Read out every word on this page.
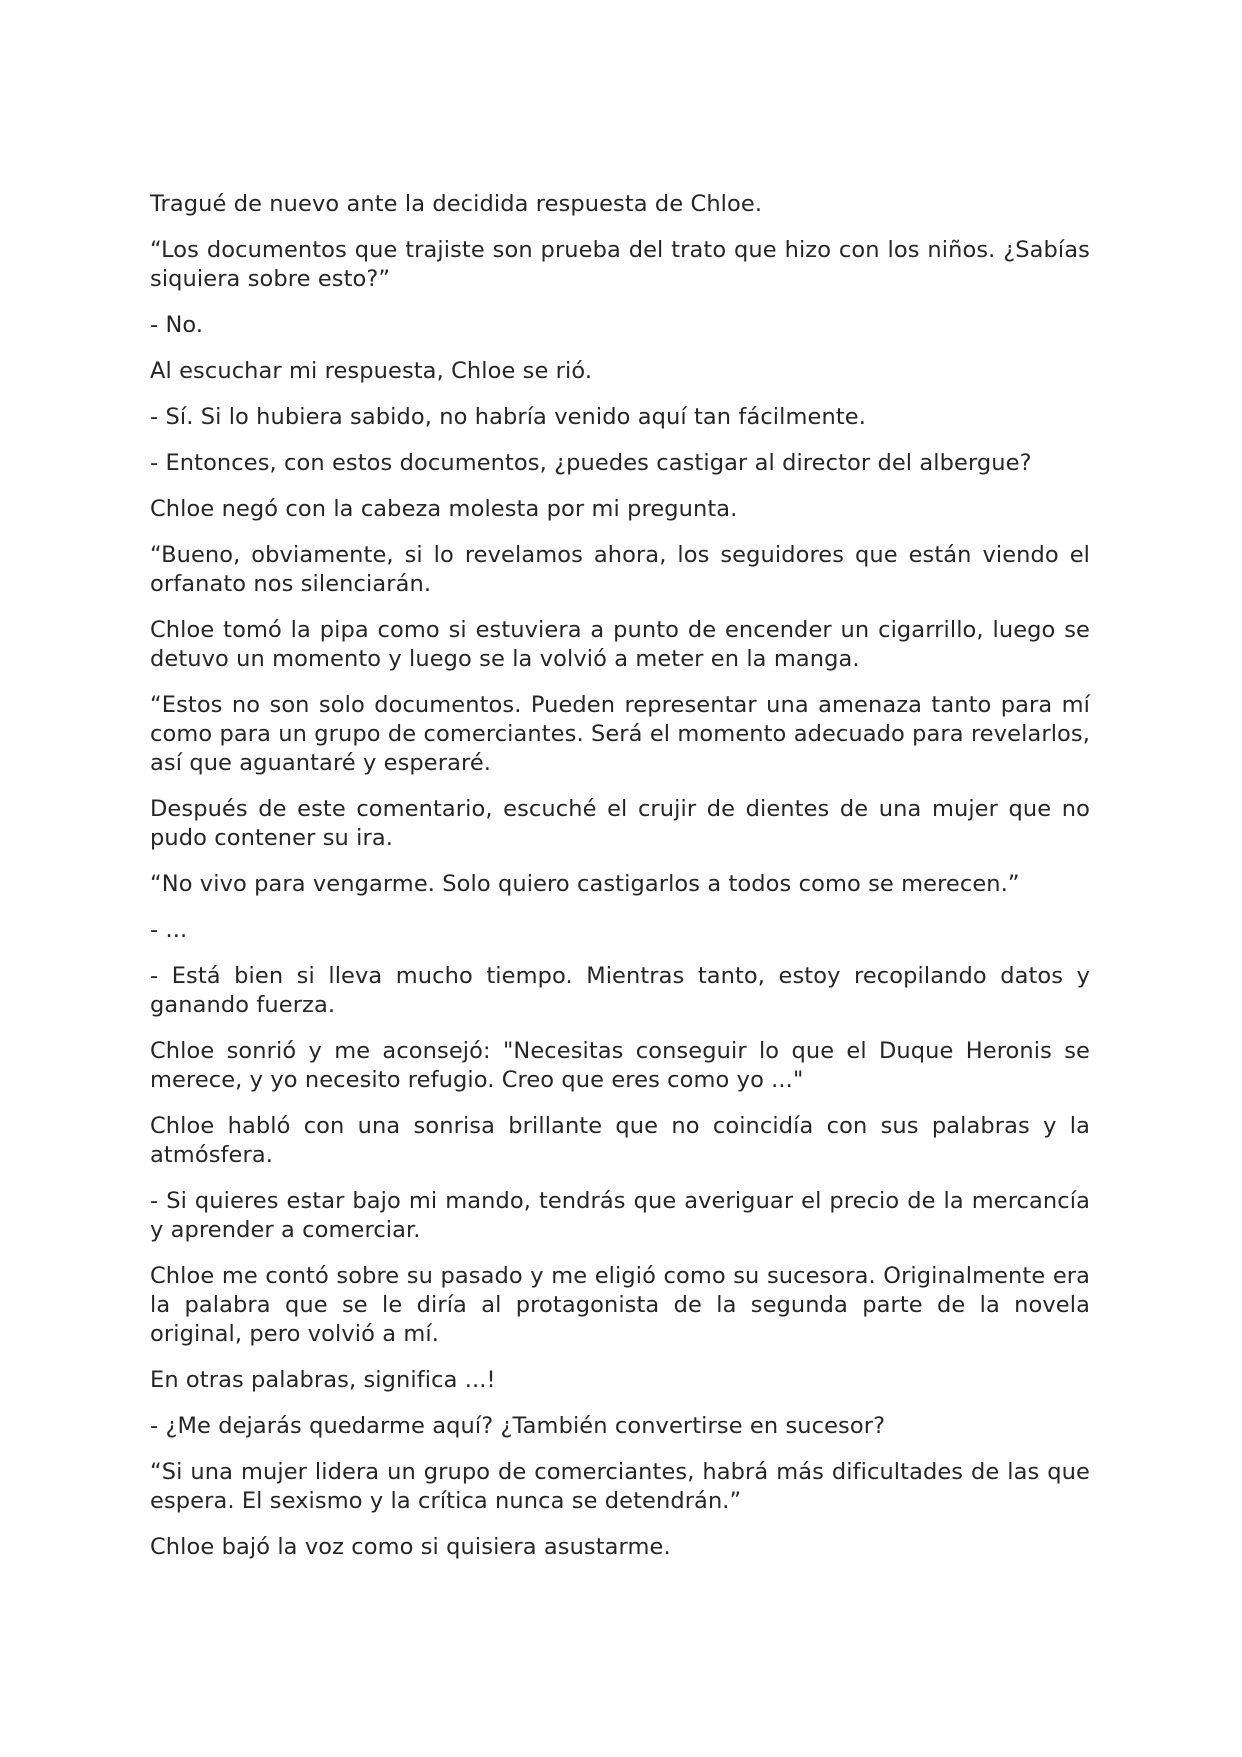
Tragué de nuevo ante la decidida respuesta de Chloe.

“Los documentos que trajiste son prueba del trato que hizo con los niños. ¿Sabías siquiera sobre esto?”

- No.

Al escuchar mi respuesta, Chloe se rió.

- Sí. Si lo hubiera sabido, no habría venido aquí tan fácilmente.

- Entonces, con estos documentos, ¿puedes castigar al director del albergue?

Chloe negó con la cabeza molesta por mi pregunta.

“Bueno, obviamente, si lo revelamos ahora, los seguidores que están viendo el orfanato nos silenciarán.

Chloe tomó la pipa como si estuviera a punto de encender un cigarrillo, luego se detuvo un momento y luego se la volvió a meter en la manga.

“Estos no son solo documentos. Pueden representar una amenaza tanto para mí como para un grupo de comerciantes. Será el momento adecuado para revelarlos, así que aguantaré y esperaré.

Después de este comentario, escuché el crujir de dientes de una mujer que no pudo contener su ira.

“No vivo para vengarme. Solo quiero castigarlos a todos como se merecen.”

- ...

- Está bien si lleva mucho tiempo. Mientras tanto, estoy recopilando datos y ganando fuerza.

Chloe sonrió y me aconsejó: "Necesitas conseguir lo que el Duque Heronis se merece, y yo necesito refugio. Creo que eres como yo ..."

Chloe habló con una sonrisa brillante que no coincidía con sus palabras y la atmósfera.

- Si quieres estar bajo mi mando, tendrás que averiguar el precio de la mercancía y aprender a comerciar.

Chloe me contó sobre su pasado y me eligió como su sucesora. Originalmente era la palabra que se le diría al protagonista de la segunda parte de la novela original, pero volvió a mí.

En otras palabras, significa ...!

- ¿Me dejarás quedarme aquí? ¿También convertirse en sucesor?

“Si una mujer lidera un grupo de comerciantes, habrá más dificultades de las que espera. El sexismo y la crítica nunca se detendrán.”

Chloe bajó la voz como si quisiera asustarme.
